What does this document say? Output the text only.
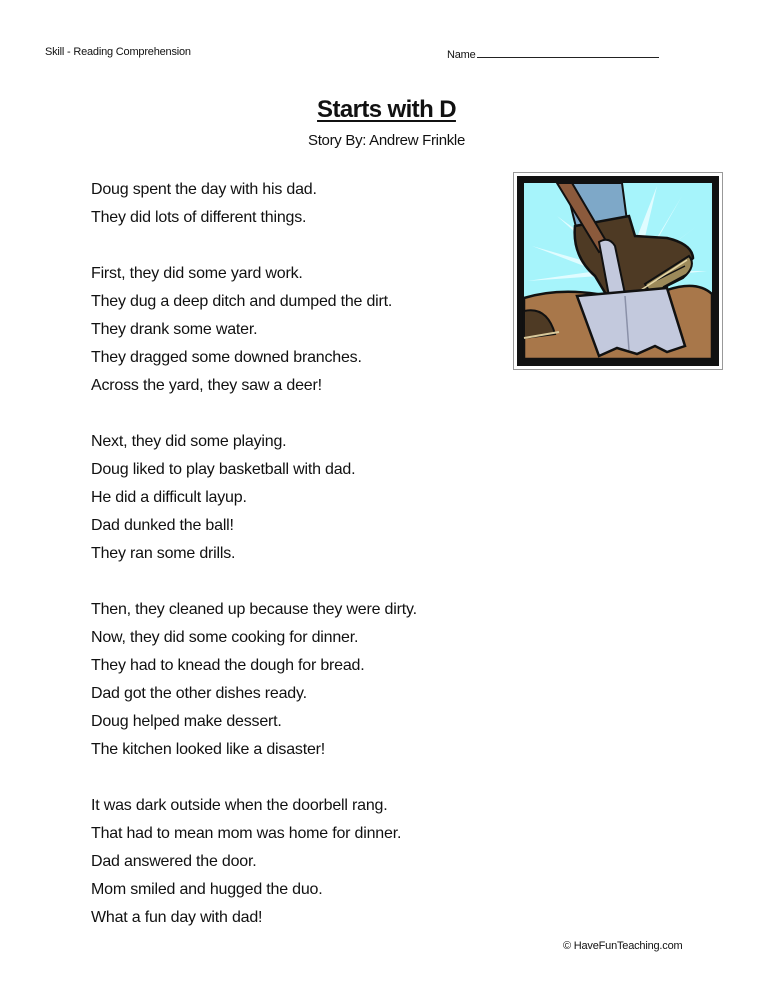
Skill - Reading Comprehension	Name
Starts with D
Story By: Andrew Frinkle
Doug spent the day with his dad.
They did lots of different things.
First, they did some yard work.
They dug a deep ditch and dumped the dirt.
They drank some water.
They dragged some downed branches.
Across the yard, they saw a deer!
Next, they did some playing.
Doug liked to play basketball with dad.
He did a difficult layup.
Dad dunked the ball!
They ran some drills.
Then, they cleaned up because they were dirty.
Now, they did some cooking for dinner.
They had to knead the dough for bread.
Dad got the other dishes ready.
Doug helped make dessert.
The kitchen looked like a disaster!
It was dark outside when the doorbell rang.
That had to mean mom was home for dinner.
Dad answered the door.
Mom smiled and hugged the duo.
What a fun day with dad!
© HaveFunTeaching.com
